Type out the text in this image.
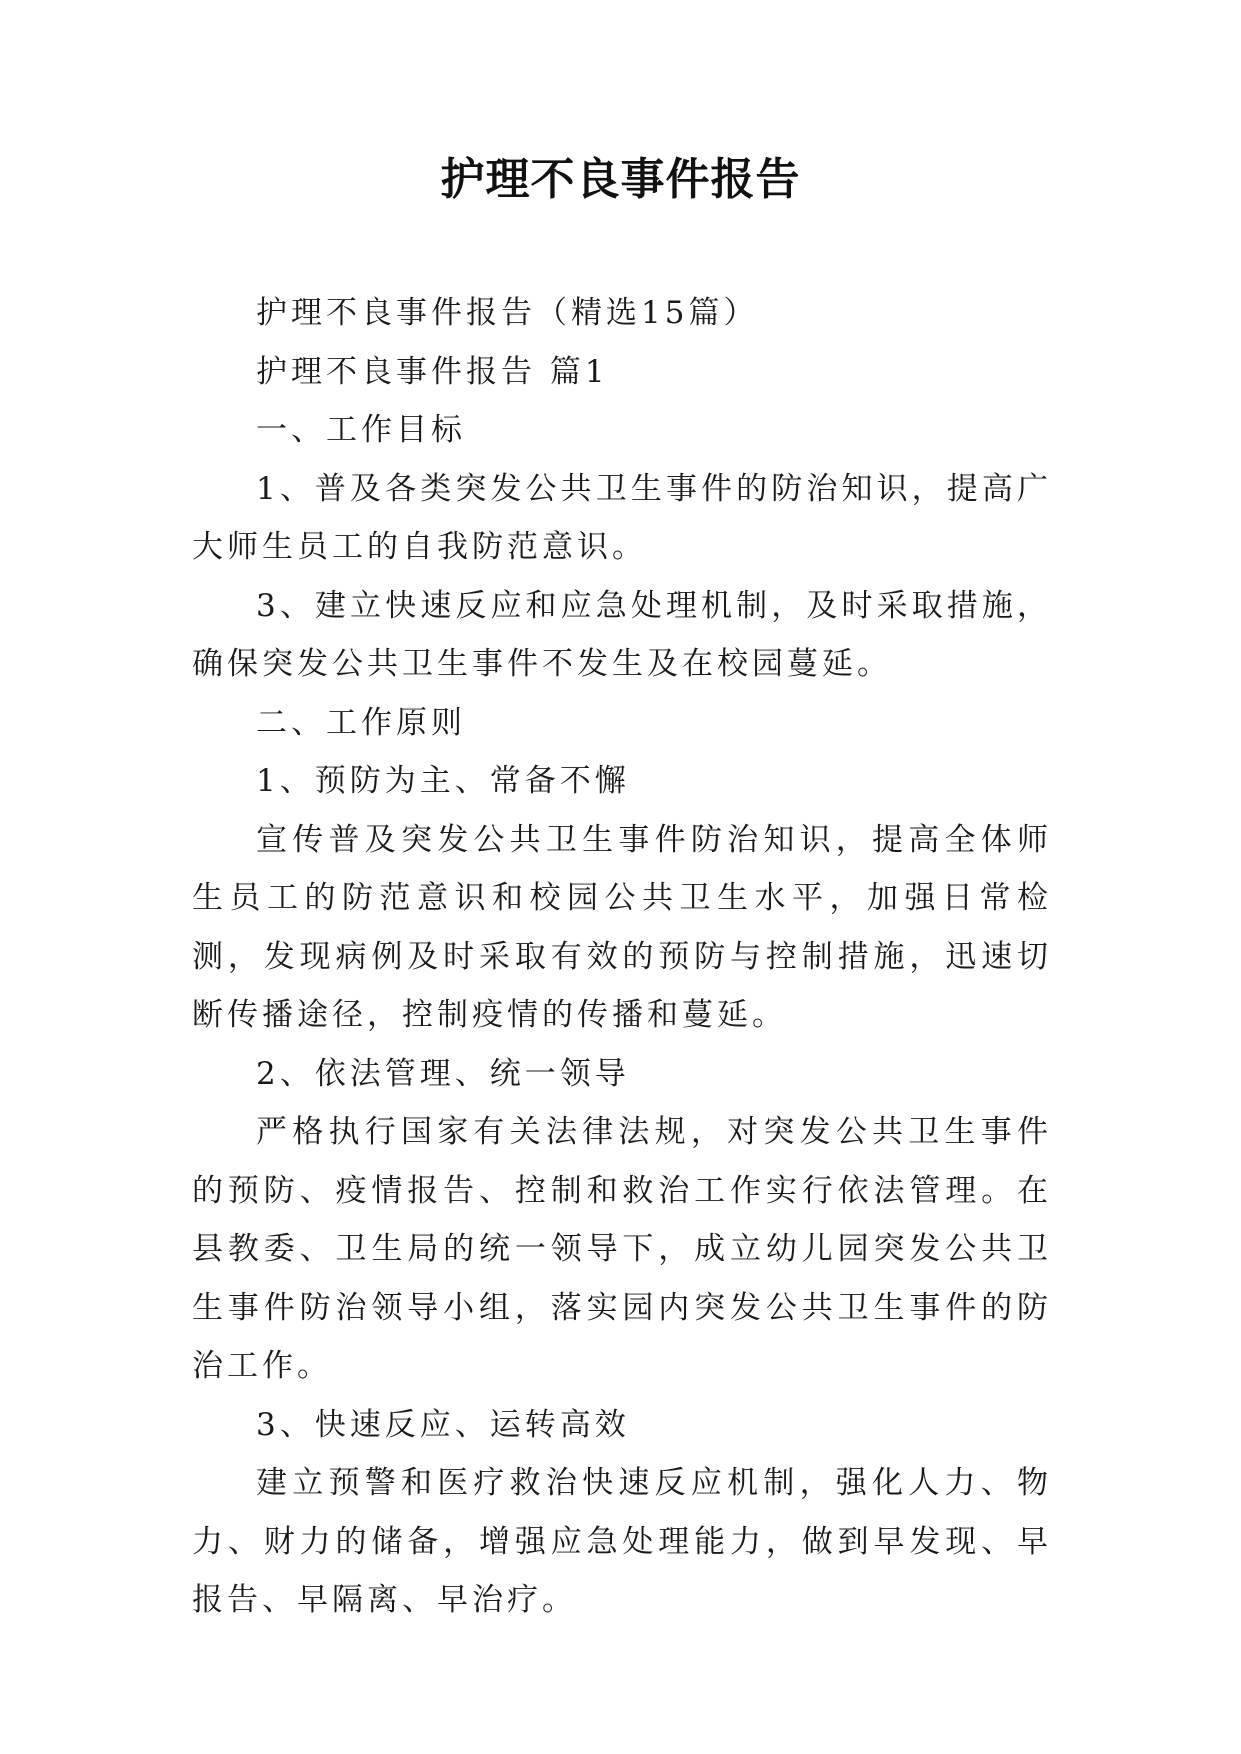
护理不良事件报告

护理不良事件报告（精选15篇）

护理不良事件报告 篇1

一、工作目标

1、普及各类突发公共卫生事件的防治知识，提高广大师生员工的自我防范意识。

3、建立快速反应和应急处理机制，及时采取措施，确保突发公共卫生事件不发生及在校园蔓延。

二、工作原则

1、预防为主、常备不懈

宣传普及突发公共卫生事件防治知识，提高全体师生员工的防范意识和校园公共卫生水平，加强日常检测，发现病例及时采取有效的预防与控制措施，迅速切断传播途径，控制疫情的传播和蔓延。

2、依法管理、统一领导

严格执行国家有关法律法规，对突发公共卫生事件的预防、疫情报告、控制和救治工作实行依法管理。在县教委、卫生局的统一领导下，成立幼儿园突发公共卫生事件防治领导小组，落实园内突发公共卫生事件的防治工作。

3、快速反应、运转高效

建立预警和医疗救治快速反应机制，强化人力、物力、财力的储备，增强应急处理能力，做到早发现、早报告、早隔离、早治疗。
